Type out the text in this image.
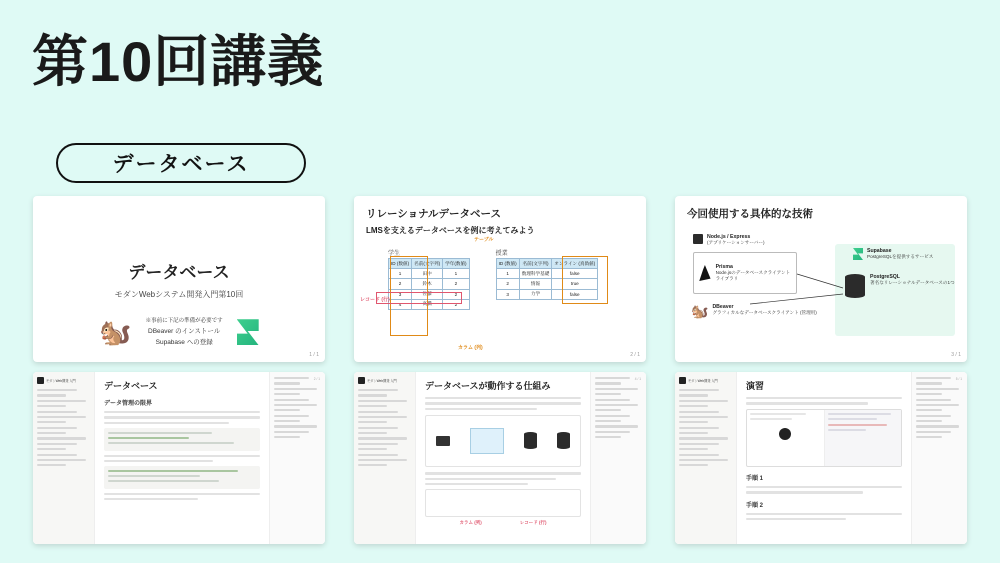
第10回講義
データベース
データベース
モダンWebシステム開発入門第10回
🐿️	※事前に下記の準備が必要です
DBeaver のインストール
Supabase への登録
1 / 1
リレーショナルデータベース
LMSを支えるデータベースを例に考えてみよう
学生
ID (数値)	名前(文字列)	学年(数値)
1	田中	1
2	鈴木	2
3	佐藤	2
4	高橋	2
授業
ID (数値)	名前(文字列)	オンライン (真偽値)
1	数理科学基礎	false
2	情報	true
3	力学	false
テーブル
レコード (行)
カラム (列)
2 / 1
今回使用する具体的な技術
Node.js / Express
(アプリケーションサーバー)
Prisma
Node.jsのデータベースクライアントライブラリ
Supabase
PostgreSQLを提供するサービス
PostgreSQL
著名なリレーショナルデータベースの1つ
🐿️ DBeaver
グラフィカルなデータベースクライアント (管理用)
3 / 1
モダンWeb開発 入門	データベース
データ管理の限界
2 / 1	モダンWeb開発 入門	データベースが動作する仕組み
カラム (列)	レコード (行)
4 / 1	モダンWeb開発 入門	演習
手順 1
手順 2
5 / 1
